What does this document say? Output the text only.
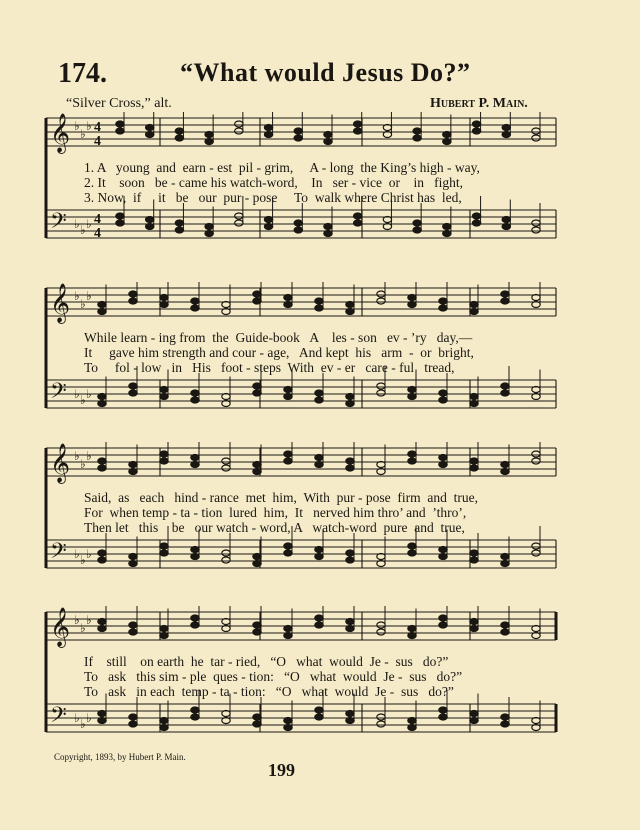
174.	“What would Jesus Do?”
“Silver Cross,” alt.	Hubert P. Main.
𝄞 ♭
♭
♭ 4
4
𝄢 ♭ ♭ ♭ 4
4
1. A   young  and  earn - est  pil - grim,     A - long  the King’s high - way,
2. It    soon   be - came his watch-word,    In   ser - vice  or    in   fight,
3. Now,  if     it   be   our  pur - pose     To  walk where Christ has  led,
𝄞 ♭
♭
♭
𝄢 ♭ ♭ ♭
While learn - ing from  the  Guide-book   A    les - son   ev - ’ry   day,—
It     gave him strength and cour - age,   And kept  his   arm  -  or  bright,
To     fol - low   in   His   foot - steps  With  ev - er   care - ful   tread,
𝄞 ♭
♭
♭
𝄢 ♭ ♭ ♭
Said,  as   each   hind - rance  met  him,  With  pur - pose  firm  and  true,
For  when temp - ta - tion  lured  him,  It   nerved him thro’ and  ’thro’,
Then let   this    be   our watch - word, A   watch-word  pure  and  true,
𝄞 ♭
♭
♭
𝄢 ♭ ♭ ♭
If    still    on earth  he  tar - ried,   “O   what  would  Je -  sus   do?”
To   ask   this sim - ple  ques - tion:   “O   what  would  Je -  sus   do?”
To   ask   in each  temp - ta - tion:   “O   what  would  Je -  sus   do?”
Copyright, 1893, by Hubert P. Main.
199
